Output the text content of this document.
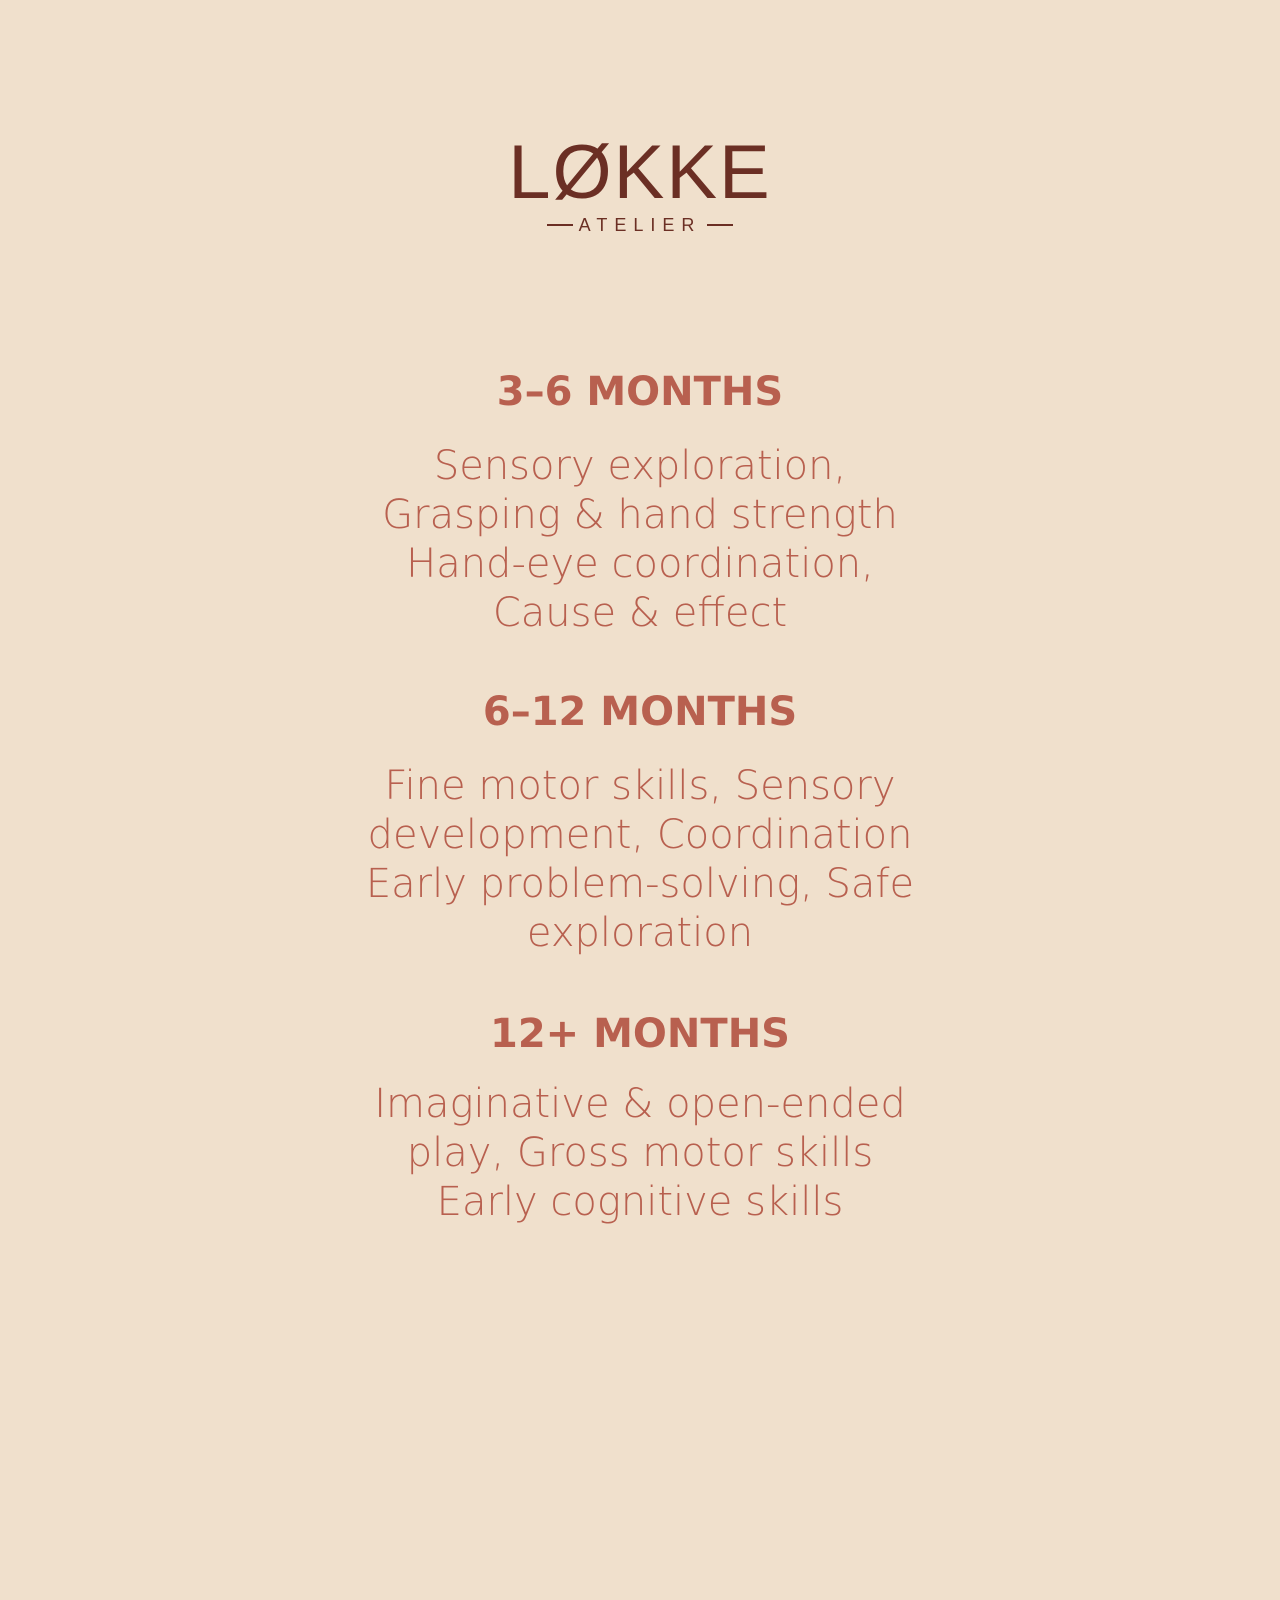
LØKKE
ATELIER
3–6 MONTHS

Sensory exploration,
Grasping & hand strength
Hand-eye coordination,
Cause & effect

6–12 MONTHS

Fine motor skills, Sensory
development, Coordination
Early problem-solving, Safe
exploration

12+ MONTHS

Imaginative & open-ended
play, Gross motor skills
Early cognitive skills
